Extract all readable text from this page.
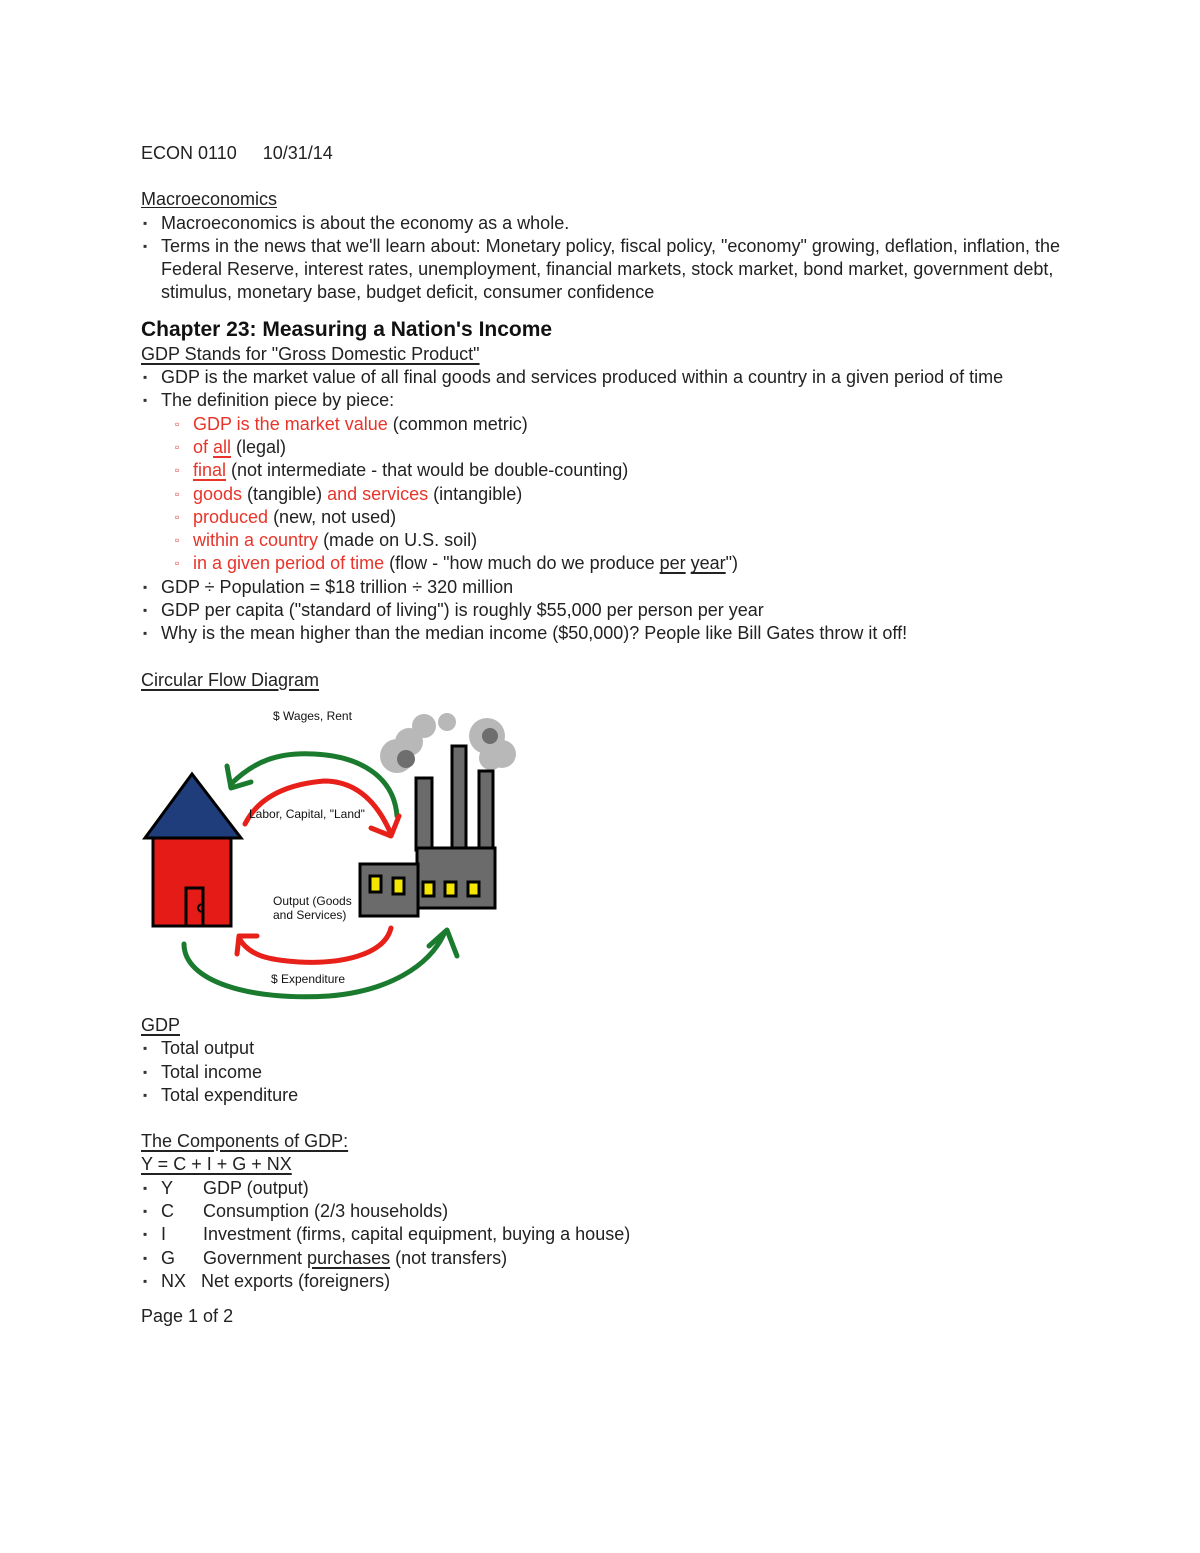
ECON 0110 10/31/14

Macroeconomics

▪ Macroeconomics is about the economy as a whole.
▪ Terms in the news that we'll learn about: Monetary policy, fiscal policy, "economy" growing, deflation, inflation, the Federal Reserve, interest rates, unemployment, financial markets, stock market, bond market, government debt, stimulus, monetary base, budget deficit, consumer confidence
Chapter 23: Measuring a Nation's Income

GDP Stands for "Gross Domestic Product"

▪ GDP is the market value of all final goods and services produced within a country in a given period of time
▪ The definition piece by piece:
▫ GDP is the market value (common metric)
▫ of all (legal)
▫ final (not intermediate - that would be double-counting)
▫ goods (tangible) and services (intangible)
▫ produced (new, not used)
▫ within a country (made on U.S. soil)
▫ in a given period of time (flow - "how much do we produce per year")
▪ GDP ÷ Population = $18 trillion ÷ 320 million
▪ GDP per capita ("standard of living") is roughly $55,000 per person per year
▪ Why is the mean higher than the median income ($50,000)? People like Bill Gates throw it off!

Circular Flow Diagram

$ Wages, Rent
Labor, Capital, "Land"
Output (Goods
and Services)
$ Expenditure

GDP

▪ Total output
▪ Total income
▪ Total expenditure

The Components of GDP:

Y = C + I + G + NX

▪ Y GDP (output)
▪ C Consumption (2/3 households)
▪ I Investment (firms, capital equipment, buying a house)
▪ G Government purchases (not transfers)
▪ NX Net exports (foreigners)

Page 1 of 2
